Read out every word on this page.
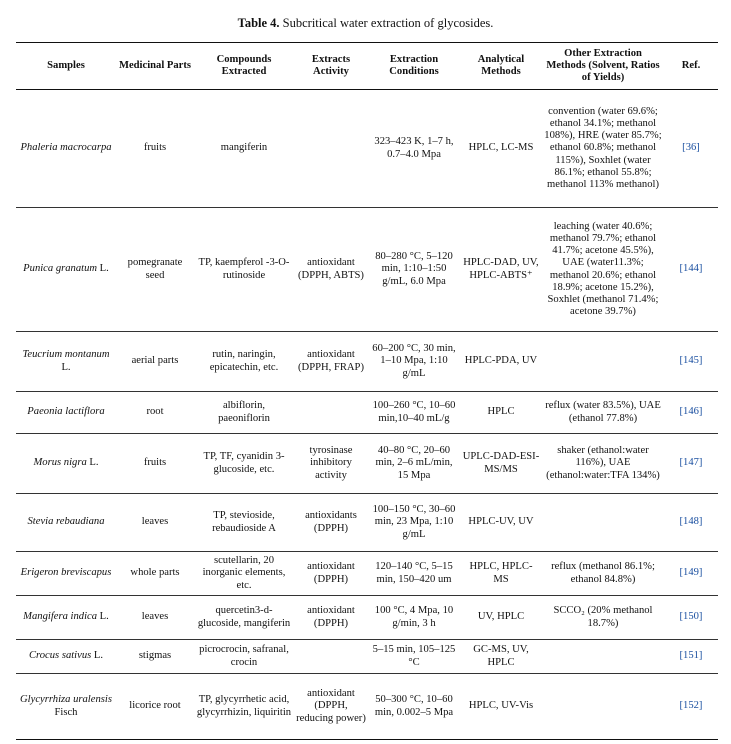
Table 4. Subcritical water extraction of glycosides.
Samples	Medicinal Parts	Compounds Extracted	Extracts Activity	Extraction Conditions	Analytical Methods	Other Extraction Methods (Solvent, Ratios of Yields)	Ref.
Phaleria macrocarpa	fruits	mangiferin		323–423 K, 1–7 h, 0.7–4.0 Mpa	HPLC, LC-MS	convention (water 69.6%; ethanol 34.1%; methanol 108%), HRE (water 85.7%; ethanol 60.8%; methanol 115%), Soxhlet (water 86.1%; ethanol 55.8%; methanol 113% methanol)	[36]
Punica granatum L.	pomegranate seed	TP, kaempferol -3-O-rutinoside	antioxidant (DPPH, ABTS)	80–280 °C, 5–120 min, 1:10–1:50 g/mL, 6.0 Mpa	HPLC-DAD, UV, HPLC-ABTS⁺	leaching (water 40.6%; methanol 79.7%; ethanol 41.7%; acetone 45.5%), UAE (water11.3%; methanol 20.6%; ethanol 18.9%; acetone 15.2%), Soxhlet (methanol 71.4%; acetone 39.7%)	[144]
Teucrium montanum L.	aerial parts	rutin, naringin, epicatechin, etc.	antioxidant (DPPH, FRAP)	60–200 °C, 30 min, 1–10 Mpa, 1:10 g/mL	HPLC-PDA, UV		[145]
Paeonia lactiflora	root	albiflorin, paeoniflorin		100–260 °C, 10–60 min,10–40 mL/g	HPLC	reflux (water 83.5%), UAE (ethanol 77.8%)	[146]
Morus nigra L.	fruits	TP, TF, cyanidin 3-glucoside, etc.	tyrosinase inhibitory activity	40–80 °C, 20–60 min, 2–6 mL/min, 15 Mpa	UPLC-DAD-ESI-MS/MS	shaker (ethanol:water 116%), UAE (ethanol:water:TFA 134%)	[147]
Stevia rebaudiana	leaves	TP, stevioside, rebaudioside A	antioxidants (DPPH)	100–150 °C, 30–60 min, 23 Mpa, 1:10 g/mL	HPLC-UV, UV		[148]
Erigeron breviscapus	whole parts	scutellarin, 20 inorganic elements, etc.	antioxidant (DPPH)	120–140 °C, 5–15 min, 150–420 um	HPLC, HPLC-MS	reflux (methanol 86.1%; ethanol 84.8%)	[149]
Mangifera indica L.	leaves	quercetin3-d-glucoside, mangiferin	antioxidant (DPPH)	100 °C, 4 Mpa, 10 g/min, 3 h	UV, HPLC	SCCO₂ (20% methanol 18.7%)	[150]
Crocus sativus L.	stigmas	picrocrocin, safranal, crocin		5–15 min, 105–125 °C	GC-MS, UV, HPLC		[151]
Glycyrrhiza uralensis Fisch	licorice root	TP, glycyrrhetic acid, glycyrrhizin, liquiritin	antioxidant (DPPH, reducing power)	50–300 °C, 10–60 min, 0.002–5 Mpa	HPLC, UV-Vis		[152]
